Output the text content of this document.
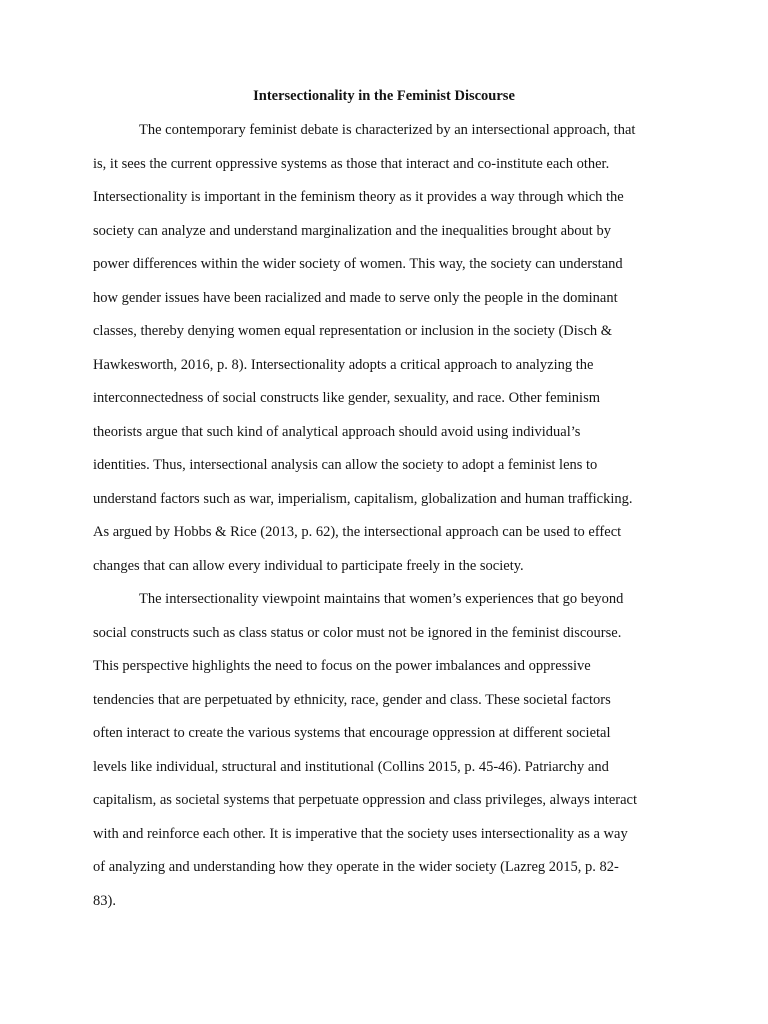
Intersectionality in the Feminist Discourse

The contemporary feminist debate is characterized by an intersectional approach, that
is, it sees the current oppressive systems as those that interact and co-institute each other.
Intersectionality is important in the feminism theory as it provides a way through which the
society can analyze and understand marginalization and the inequalities brought about by
power differences within the wider society of women. This way, the society can understand
how gender issues have been racialized and made to serve only the people in the dominant
classes, thereby denying women equal representation or inclusion in the society (Disch &
Hawkesworth, 2016, p. 8). Intersectionality adopts a critical approach to analyzing the
interconnectedness of social constructs like gender, sexuality, and race. Other feminism
theorists argue that such kind of analytical approach should avoid using individual’s
identities. Thus, intersectional analysis can allow the society to adopt a feminist lens to
understand factors such as war, imperialism, capitalism, globalization and human trafficking.
As argued by Hobbs & Rice (2013, p. 62), the intersectional approach can be used to effect
changes that can allow every individual to participate freely in the society.

The intersectionality viewpoint maintains that women’s experiences that go beyond
social constructs such as class status or color must not be ignored in the feminist discourse.
This perspective highlights the need to focus on the power imbalances and oppressive
tendencies that are perpetuated by ethnicity, race, gender and class. These societal factors
often interact to create the various systems that encourage oppression at different societal
levels like individual, structural and institutional (Collins 2015, p. 45-46). Patriarchy and
capitalism, as societal systems that perpetuate oppression and class privileges, always interact
with and reinforce each other. It is imperative that the society uses intersectionality as a way
of analyzing and understanding how they operate in the wider society (Lazreg 2015, p. 82-
83).
